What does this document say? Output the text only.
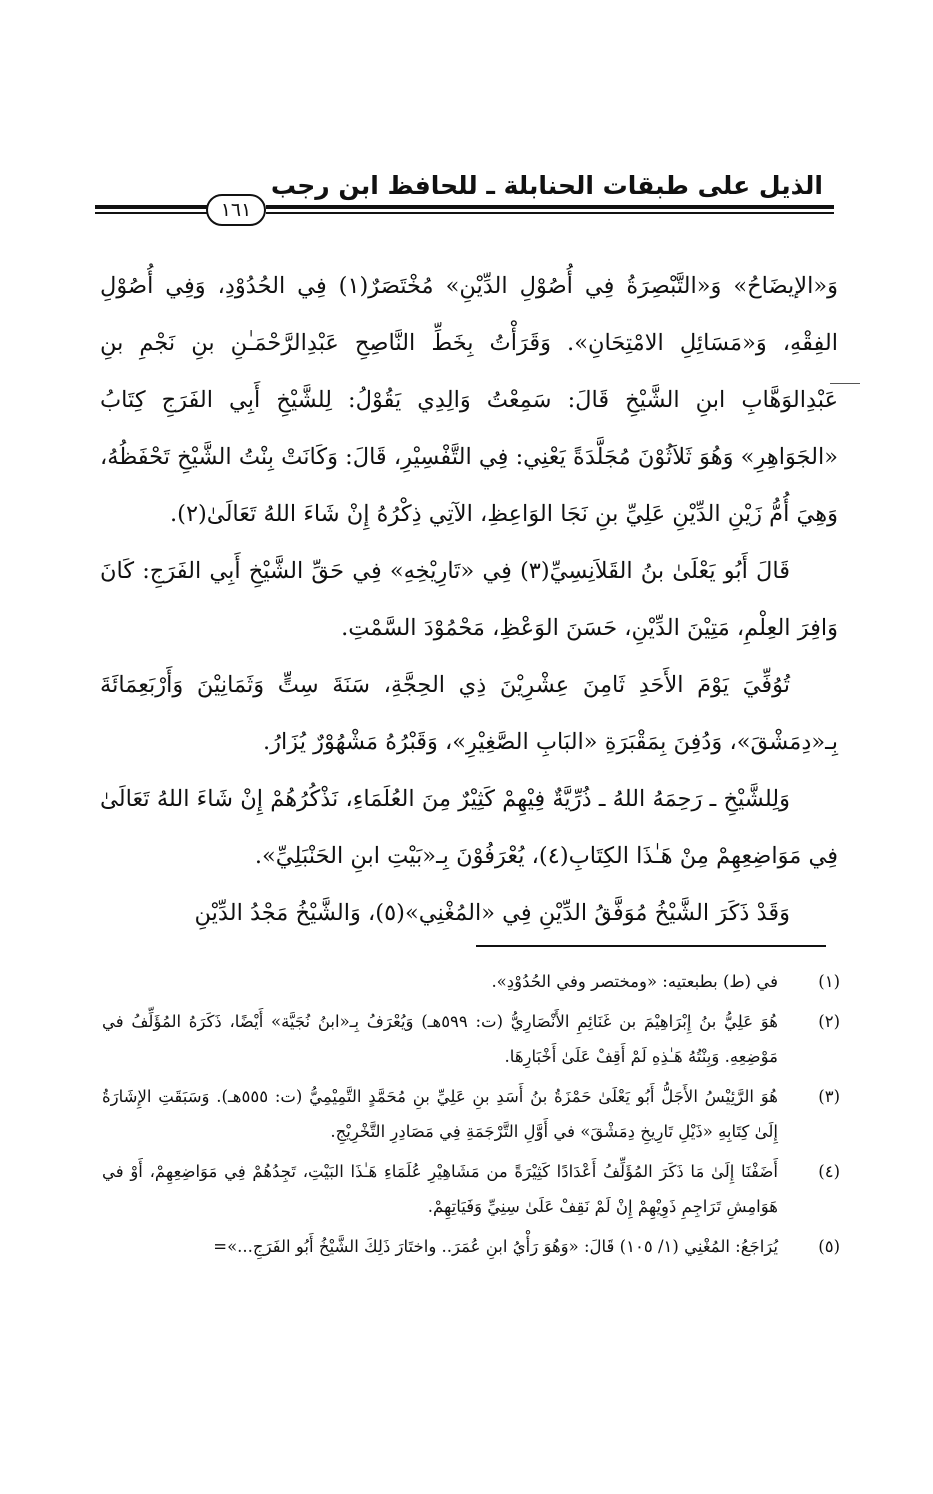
الذيل على طبقات الحنابلة ـ للحافظ ابن رجب
١٦١

وَ«الإيضَاحُ» وَ«التَّبْصِرَةُ فِي أُصُوْلِ الدِّيْنِ» مُخْتَصَرٌ(١) فِي الحُدُوْدِ، وَفِي أُصُوْلِ الفِقْهِ، وَ«مَسَائِلِ الامْتِحَانِ». وَقَرَأْتُ بِخَطِّ النَّاصِحِ عَبْدِالرَّحْمَـٰنِ بنِ نَجْمِ بنِ عَبْدِالوَهَّابِ ابنِ الشَّيْخِ قَالَ: سَمِعْتُ وَالِدِي يَقُوْلُ: لِلشَّيْخِ أَبِي الفَرَجِ كِتَابُ «الجَوَاهِرِ» وَهُوَ ثَلاَثُوْنَ مُجَلَّدَةً يَعْنِي: فِي التَّفْسِيْرِ، قَالَ: وَكَانَتْ بِنْتُ الشَّيْخِ تَحْفَظُهُ، وَهِيَ أُمُّ زَيْنِ الدِّيْنِ عَلِيِّ بنِ نَجَا الوَاعِظِ، الآتِي ذِكْرُهُ إِنْ شَاءَ اللهُ تَعَالَىٰ(٢).

قَالَ أَبُو يَعْلَىٰ بنُ القَلاَنِسِيِّ(٣) فِي «تَارِيْخِهِ» فِي حَقِّ الشَّيْخِ أَبِي الفَرَجِ: كَانَ وَافِرَ العِلْمِ، مَتِيْنَ الدِّيْنِ، حَسَنَ الوَعْظِ، مَحْمُوْدَ السَّمْتِ.

تُوُفِّيَ يَوْمَ الأَحَدِ ثَامِنَ عِشْرِيْنَ ذِي الحِجَّةِ، سَنَةَ سِتٍّ وَثَمَانِيْنَ وَأَرْبَعِمَائَةَ بِـ«دِمَشْقَ»، وَدُفِنَ بِمَقْبَرَةِ «البَابِ الصَّغِيْرِ»، وَقَبْرُهُ مَشْهُوْرٌ يُزَارُ.

وَلِلشَّيْخِ ـ رَحِمَهُ اللهُ ـ ذُرِّيَّةٌ فِيْهِمْ كَثِيْرٌ مِنَ العُلَمَاءِ، نَذْكُرُهُمْ إِنْ شَاءَ اللهُ تَعَالَىٰ فِي مَوَاضِعِهِمْ مِنْ هَـٰذَا الكِتَابِ(٤)، يُعْرَفُوْنَ بِـ«بَيْتِ ابنِ الحَنْبَلِيِّ».

وَقَدْ ذَكَرَ الشَّيْخُ مُوَفَّقُ الدِّيْنِ فِي «المُغْنِي»(٥)، وَالشَّيْخُ مَجْدُ الدِّيْنِ

(١)
في (ط) بطبعتيه: «ومختصر وفي الحُدُوْدِ».
(٢)
هُوَ عَلِيُّ بنُ إِبْرَاهِيْمَ بن غَنَائِمِ الأَنْصَارِيُّ (ت: ٥٩٩هـ) وَيُعْرَفُ بِـ«ابنُ نُجَيَّة» أَيْضًا، ذَكَرَهُ المُؤَلِّفُ في مَوْضِعِهِ. وَبِنْتُهُ هَـٰذِهِ لَمْ أَقِفْ عَلَىٰ أَخْبَارِهَا.
(٣)
هُوَ الرَّئِيْسُ الأَجَلُّ أَبُو يَعْلَىٰ حَمْزَةُ بنُ أَسَدِ بنِ عَلِيِّ بنِ مُحَمَّدٍ التَّمِيْمِيُّ (ت: ٥٥٥هـ). وَسَبَقَتِ الإِشَارَةُ إِلَىٰ كِتَابِهِ «ذَيْلِ تَارِيخِ دِمَشْقَ» في أَوَّلِ التَّرْجَمَةِ فِي مَصَادِرِ التَّخْرِيْجِ.
(٤)
أَضَفْنَا إِلَىٰ مَا ذَكَرَ المُؤَلِّفُ أَعْدَادًا كَثِيْرَةً من مَشَاهِيْرِ عُلَمَاءِ هَـٰذَا البَيْتِ، تَجِدُهُمْ فِي مَوَاضِعِهِمْ، أَوْ في هَوَامِشِ تَرَاجِمِ ذَوِيْهِمْ إِنْ لَمْ نَقِفْ عَلَىٰ سِنِيِّ وَفَيَاتِهِمْ.
(٥)
يُرَاجَعُ: المُغْنِي (١/ ١٠٥) قَالَ: «وَهُوَ رَأْيُ ابنِ عُمَرَ.. واختَارَ ذَلِكَ الشَّيْخُ أَبُو الفَرَجِ...»=
